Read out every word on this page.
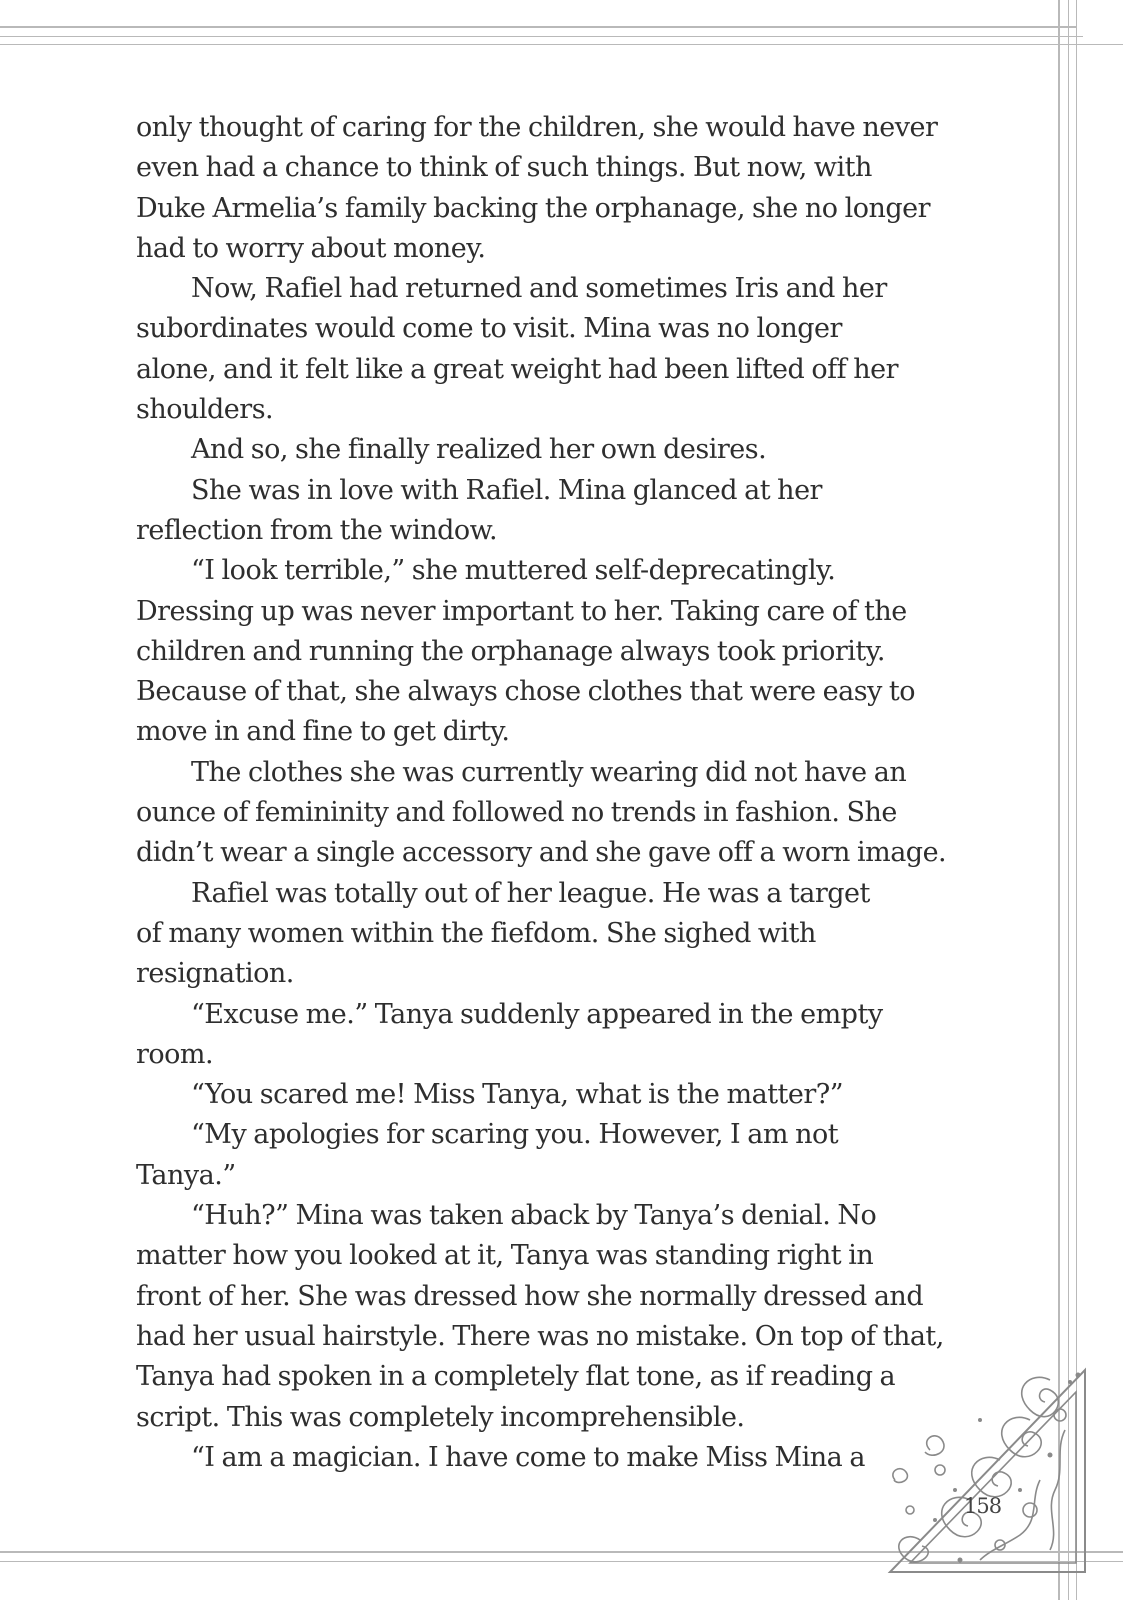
only thought of caring for the children, she would have never
even had a chance to think of such things. But now, with
Duke Armelia’s family backing the orphanage, she no longer
had to worry about money.
Now, Rafiel had returned and sometimes Iris and her
subordinates would come to visit. Mina was no longer
alone, and it felt like a great weight had been lifted off her
shoulders.
And so, she finally realized her own desires.
She was in love with Rafiel. Mina glanced at her
reflection from the window.
“I look terrible,” she muttered self-deprecatingly.
Dressing up was never important to her. Taking care of the
children and running the orphanage always took priority.
Because of that, she always chose clothes that were easy to
move in and fine to get dirty.
The clothes she was currently wearing did not have an
ounce of femininity and followed no trends in fashion. She
didn’t wear a single accessory and she gave off a worn image.
Rafiel was totally out of her league. He was a target
of many women within the fiefdom. She sighed with
resignation.
“Excuse me.” Tanya suddenly appeared in the empty
room.
“You scared me! Miss Tanya, what is the matter?”
“My apologies for scaring you. However, I am not
Tanya.”
“Huh?” Mina was taken aback by Tanya’s denial. No
matter how you looked at it, Tanya was standing right in
front of her. She was dressed how she normally dressed and
had her usual hairstyle. There was no mistake. On top of that,
Tanya had spoken in a completely flat tone, as if reading a
script. This was completely incomprehensible.
“I am a magician. I have come to make Miss Mina a
158
